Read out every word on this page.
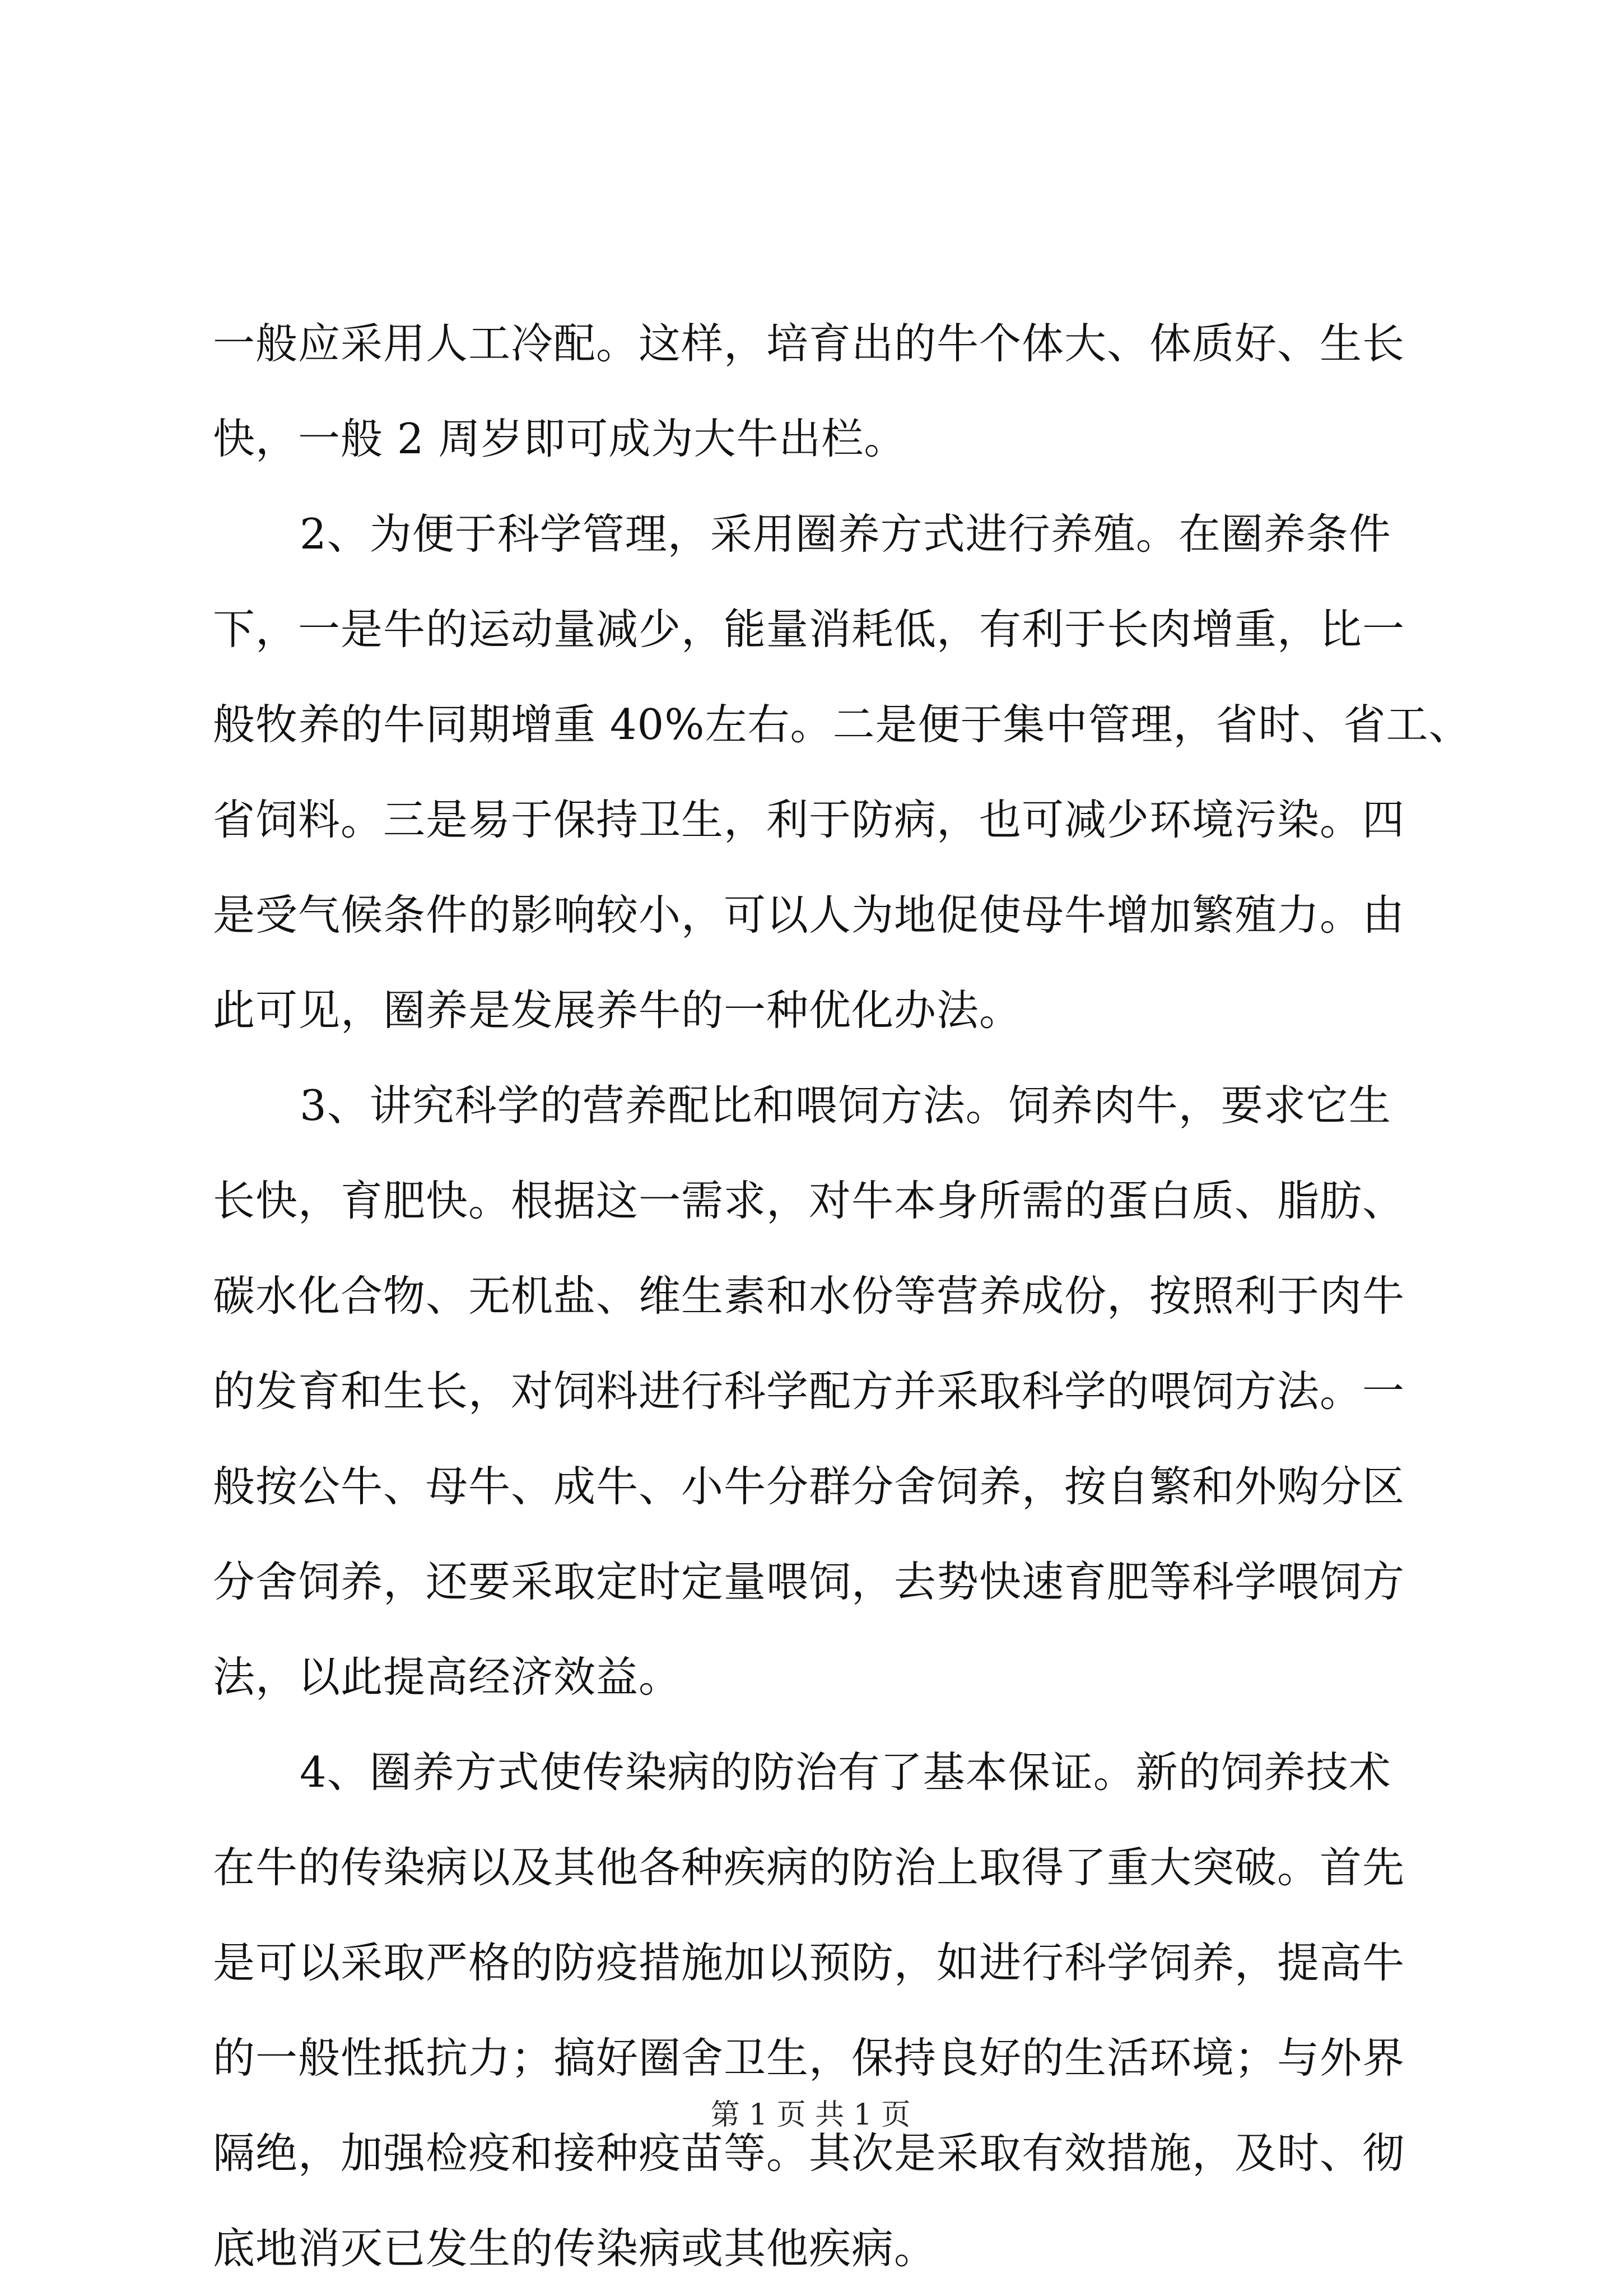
一般应采用人工冷配。这样，培育出的牛个体大、体质好、生长
快，一般 2 周岁即可成为大牛出栏。
2、为便于科学管理，采用圈养方式进行养殖。在圈养条件
下，一是牛的运动量减少，能量消耗低，有利于长肉增重，比一
般牧养的牛同期增重 40%左右。二是便于集中管理，省时、省工、
省饲料。三是易于保持卫生，利于防病，也可减少环境污染。四
是受气候条件的影响较小，可以人为地促使母牛增加繁殖力。由
此可见，圈养是发展养牛的一种优化办法。
3、讲究科学的营养配比和喂饲方法。饲养肉牛，要求它生
长快，育肥快。根据这一需求，对牛本身所需的蛋白质、脂肪、
碳水化合物、无机盐、维生素和水份等营养成份，按照利于肉牛
的发育和生长，对饲料进行科学配方并采取科学的喂饲方法。一
般按公牛、母牛、成牛、小牛分群分舍饲养，按自繁和外购分区
分舍饲养，还要采取定时定量喂饲，去势快速育肥等科学喂饲方
法，以此提高经济效益。
4、圈养方式使传染病的防治有了基本保证。新的饲养技术
在牛的传染病以及其他各种疾病的防治上取得了重大突破。首先
是可以采取严格的防疫措施加以预防，如进行科学饲养，提高牛
的一般性抵抗力；搞好圈舍卫生，保持良好的生活环境；与外界
隔绝，加强检疫和接种疫苗等。其次是采取有效措施，及时、彻
底地消灭已发生的传染病或其他疾病。
第 1 页 共 1 页
